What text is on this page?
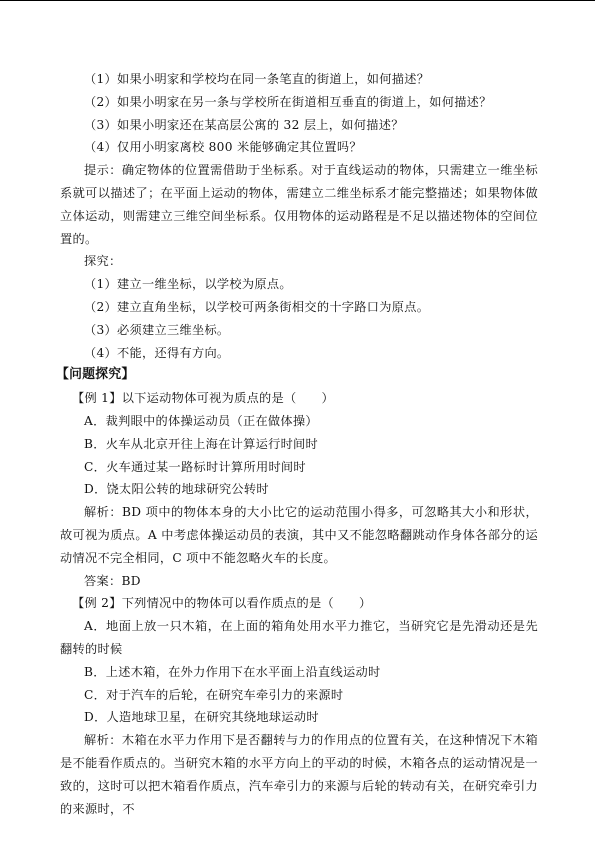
（1）如果小明家和学校均在同一条笔直的街道上，如何描述？

（2）如果小明家在另一条与学校所在街道相互垂直的街道上，如何描述？

（3）如果小明家还在某高层公寓的 32 层上，如何描述？

（4）仅用小明家离校 800 米能够确定其位置吗？

提示：确定物体的位置需借助于坐标系。对于直线运动的物体，只需建立一维坐标系就可以描述了；在平面上运动的物体，需建立二维坐标系才能完整描述；如果物体做立体运动，则需建立三维空间坐标系。仅用物体的运动路程是不足以描述物体的空间位置的。

探究：

（1）建立一维坐标，以学校为原点。

（2）建立直角坐标，以学校可两条街相交的十字路口为原点。

（3）必须建立三维坐标。

（4）不能，还得有方向。

【问题探究】

【例 1】以下运动物体可视为质点的是（　　）

A．裁判眼中的体操运动员（正在做体操）

B．火车从北京开往上海在计算运行时间时

C．火车通过某一路标时计算所用时间时

D．饶太阳公转的地球研究公转时

解析：BD 项中的物体本身的大小比它的运动范围小得多，可忽略其大小和形状，故可视为质点。A 中考虑体操运动员的表演，其中又不能忽略翻跳动作身体各部分的运动情况不完全相同，C 项中不能忽略火车的长度。

答案：BD

【例 2】下列情况中的物体可以看作质点的是（　　）

A．地面上放一只木箱，在上面的箱角处用水平力推它，当研究它是先滑动还是先翻转的时候

B．上述木箱，在外力作用下在水平面上沿直线运动时

C．对于汽车的后轮，在研究车牵引力的来源时

D．人造地球卫星，在研究其绕地球运动时

解析：木箱在水平力作用下是否翻转与力的作用点的位置有关，在这种情况下木箱是不能看作质点的。当研究木箱的水平方向上的平动的时候，木箱各点的运动情况是一致的，这时可以把木箱看作质点，汽车牵引力的来源与后轮的转动有关，在研究牵引力的来源时，不
